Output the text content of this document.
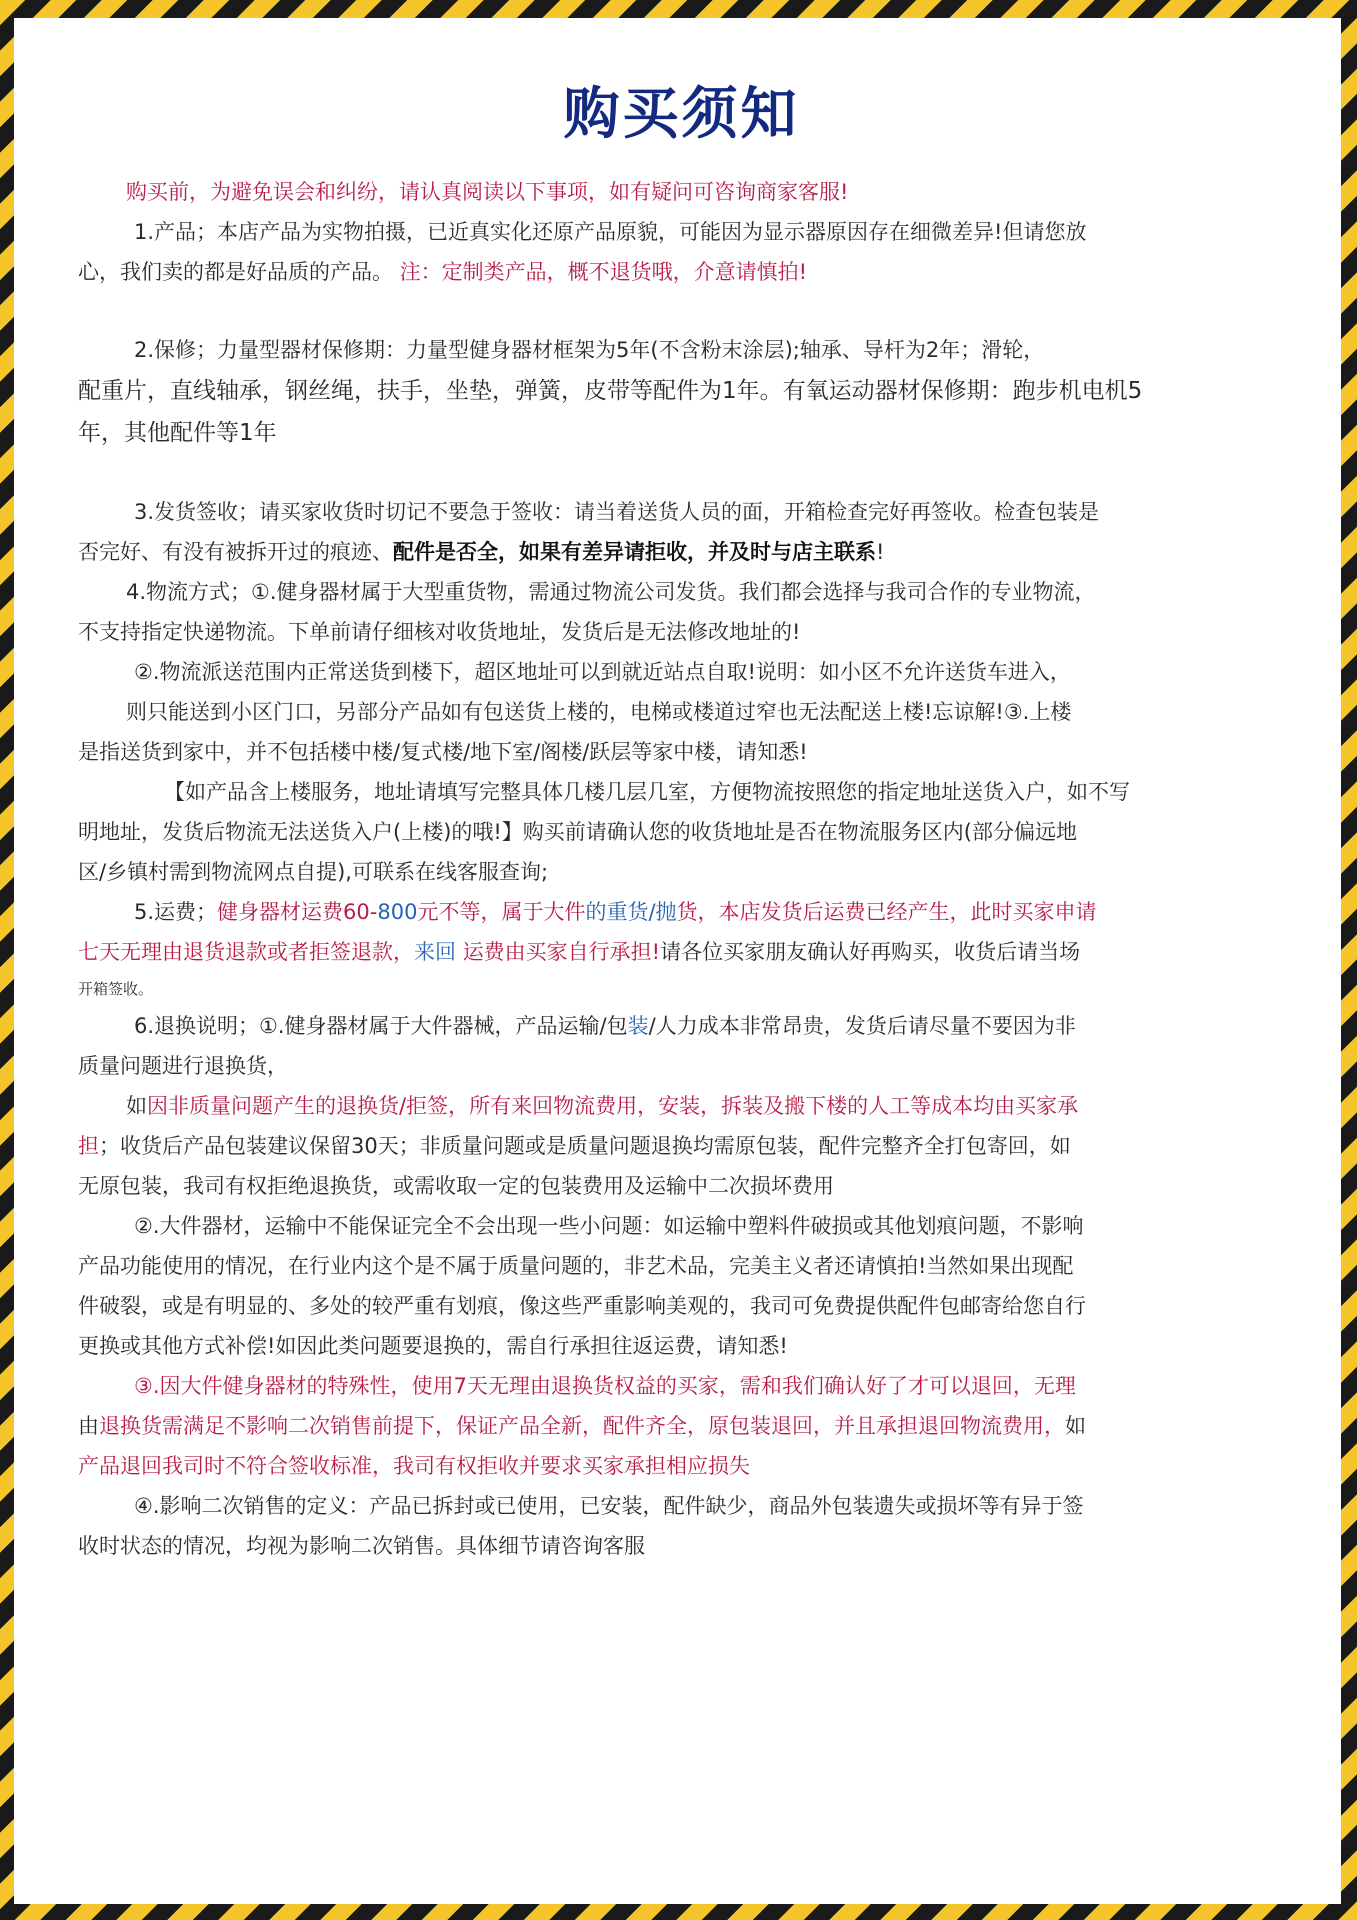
购买须知
购买前，为避免误会和纠纷，请认真阅读以下事项，如有疑问可咨询商家客服!
1.产品；本店产品为实物拍摄，已近真实化还原产品原貌，可能因为显示器原因存在细微差异!但请您放
心，我们卖的都是好品质的产品。 注：定制类产品，概不退货哦，介意请慎拍!
2.保修；力量型器材保修期：力量型健身器材框架为5年(不含粉末涂层);轴承、导杆为2年；滑轮，
配重片，直线轴承，钢丝绳，扶手，坐垫，弹簧，皮带等配件为1年。有氧运动器材保修期：跑步机电机5
年，其他配件等1年
3.发货签收；请买家收货时切记不要急于签收：请当着送货人员的面，开箱检查完好再签收。检查包装是
否完好、有没有被拆开过的痕迹、配件是否全，如果有差异请拒收，并及时与店主联系!
4.物流方式；①.健身器材属于大型重货物，需通过物流公司发货。我们都会选择与我司合作的专业物流，
不支持指定快递物流。下单前请仔细核对收货地址，发货后是无法修改地址的!
②.物流派送范围内正常送货到楼下，超区地址可以到就近站点自取!说明：如小区不允许送货车进入，
则只能送到小区门口，另部分产品如有包送货上楼的，电梯或楼道过窄也无法配送上楼!忘谅解!③.上楼
是指送货到家中，并不包括楼中楼/复式楼/地下室/阁楼/跃层等家中楼，请知悉!
【如产品含上楼服务，地址请填写完整具体几楼几层几室，方便物流按照您的指定地址送货入户，如不写
明地址，发货后物流无法送货入户(上楼)的哦!】购买前请确认您的收货地址是否在物流服务区内(部分偏远地
区/乡镇村需到物流网点自提),可联系在线客服查询;
5.运费；健身器材运费60-800元不等，属于大件的重货/抛货，本店发货后运费已经产生，此时买家申请
七天无理由退货退款或者拒签退款，来回 运费由买家自行承担!请各位买家朋友确认好再购买，收货后请当场
开箱签收。
6.退换说明；①.健身器材属于大件器械，产品运输/包装/人力成本非常昂贵，发货后请尽量不要因为非
质量问题进行退换货，
如因非质量问题产生的退换货/拒签，所有来回物流费用，安装，拆装及搬下楼的人工等成本均由买家承
担；收货后产品包装建议保留30天；非质量问题或是质量问题退换均需原包装，配件完整齐全打包寄回，如
无原包装，我司有权拒绝退换货，或需收取一定的包装费用及运输中二次损坏费用
②.大件器材，运输中不能保证完全不会出现一些小问题：如运输中塑料件破损或其他划痕问题，不影响
产品功能使用的情况，在行业内这个是不属于质量问题的，非艺术品，完美主义者还请慎拍!当然如果出现配
件破裂，或是有明显的、多处的较严重有划痕，像这些严重影响美观的，我司可免费提供配件包邮寄给您自行
更换或其他方式补偿!如因此类问题要退换的，需自行承担往返运费，请知悉!
③.因大件健身器材的特殊性，使用7天无理由退换货权益的买家，需和我们确认好了才可以退回，无理
由退换货需满足不影响二次销售前提下，保证产品全新，配件齐全，原包装退回，并且承担退回物流费用，如
产品退回我司时不符合签收标准，我司有权拒收并要求买家承担相应损失
④.影响二次销售的定义：产品已拆封或已使用，已安装，配件缺少，商品外包装遗失或损坏等有异于签
收时状态的情况，均视为影响二次销售。具体细节请咨询客服
